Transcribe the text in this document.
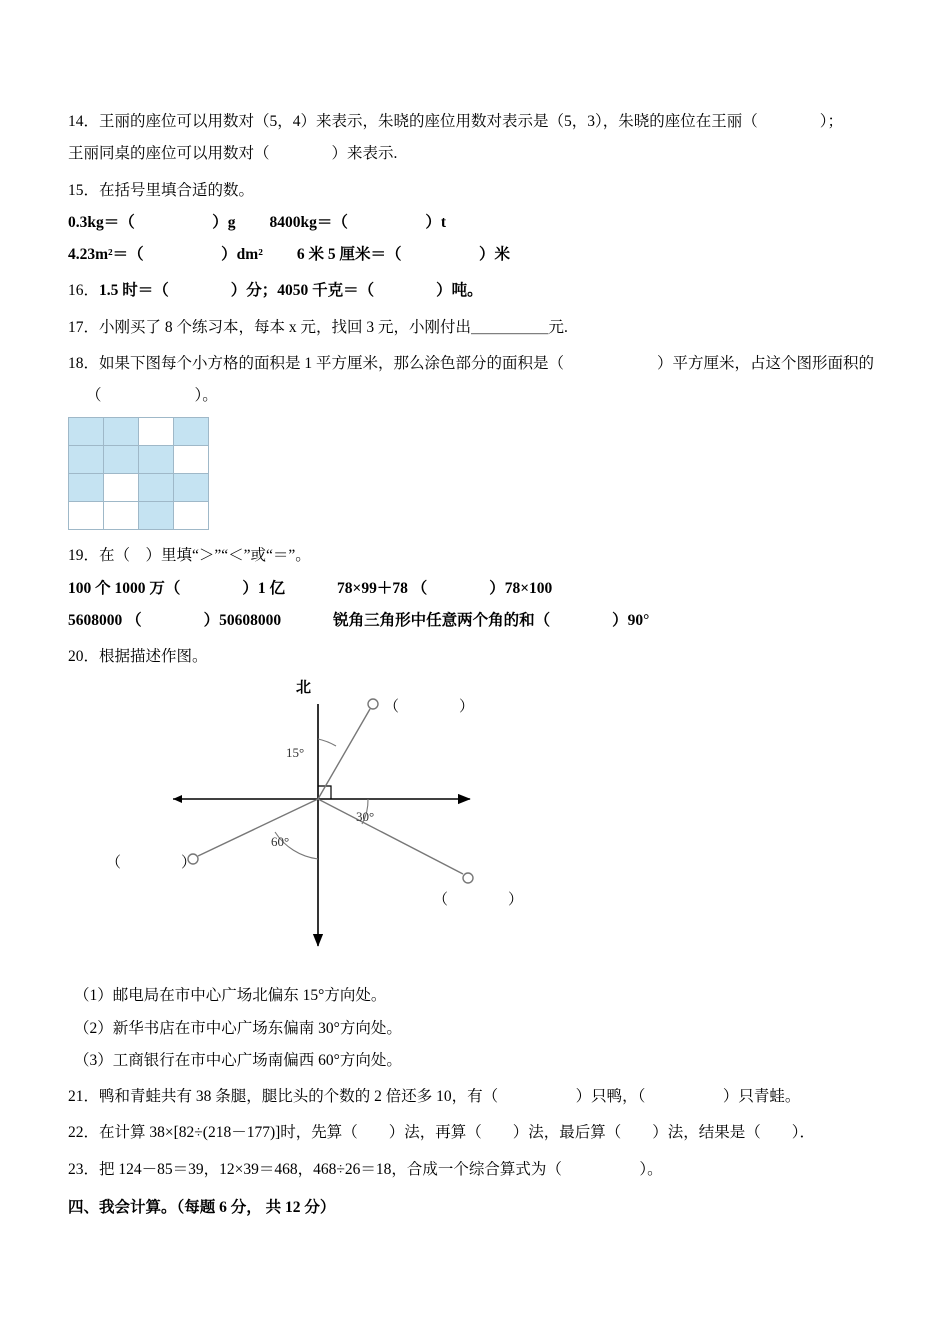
14．王丽的座位可以用数对（5，4）来表示，朱晓的座位用数对表示是（5，3），朱晓的座位在王丽（　　　　）；
王丽同桌的座位可以用数对（　　　　）来表示.
15．在括号里填合适的数。
0.3kg＝（　　　　　）g 8400kg＝（　　　　　）t
4.23m²＝（　　　　　）dm² 6 米 5 厘米＝（　　　　　）米
16．1.5 时＝（　　　　）分；4050 千克＝（　　　　）吨。
17．小刚买了 8 个练习本，每本 x 元，找回 3 元，小刚付出＿＿＿＿＿元.
18．如果下图每个小方格的面积是 1 平方厘米，那么涂色部分的面积是（　　　　　　）平方厘米，占这个图形面积的
（　　　　　　）。

19．在（　）里填“＞”“＜”或“＝”。
100 个 1000 万（　　　　）1 亿	78×99＋78 （　　　　）78×100
5608000 （　　　　）50608000	锐角三角形中任意两个角的和（　　　　）90°
20．根据描述作图。
北
15°
30°
60°
（　　　　）
（　　　　）
（　　　　）
（1）邮电局在市中心广场北偏东 15°方向处。
（2）新华书店在市中心广场东偏南 30°方向处。
（3）工商银行在市中心广场南偏西 60°方向处。
21．鸭和青蛙共有 38 条腿，腿比头的个数的 2 倍还多 10，有（　　　　　）只鸭，（　　　　　）只青蛙。
22．在计算 38×[82÷(218－177)]时，先算（　　）法，再算（　　）法，最后算（　　）法，结果是（　　）．
23．把 124－85＝39，12×39＝468，468÷26＝18，合成一个综合算式为（　　　　　）。
四、我会计算。（每题 6 分， 共 12 分）
